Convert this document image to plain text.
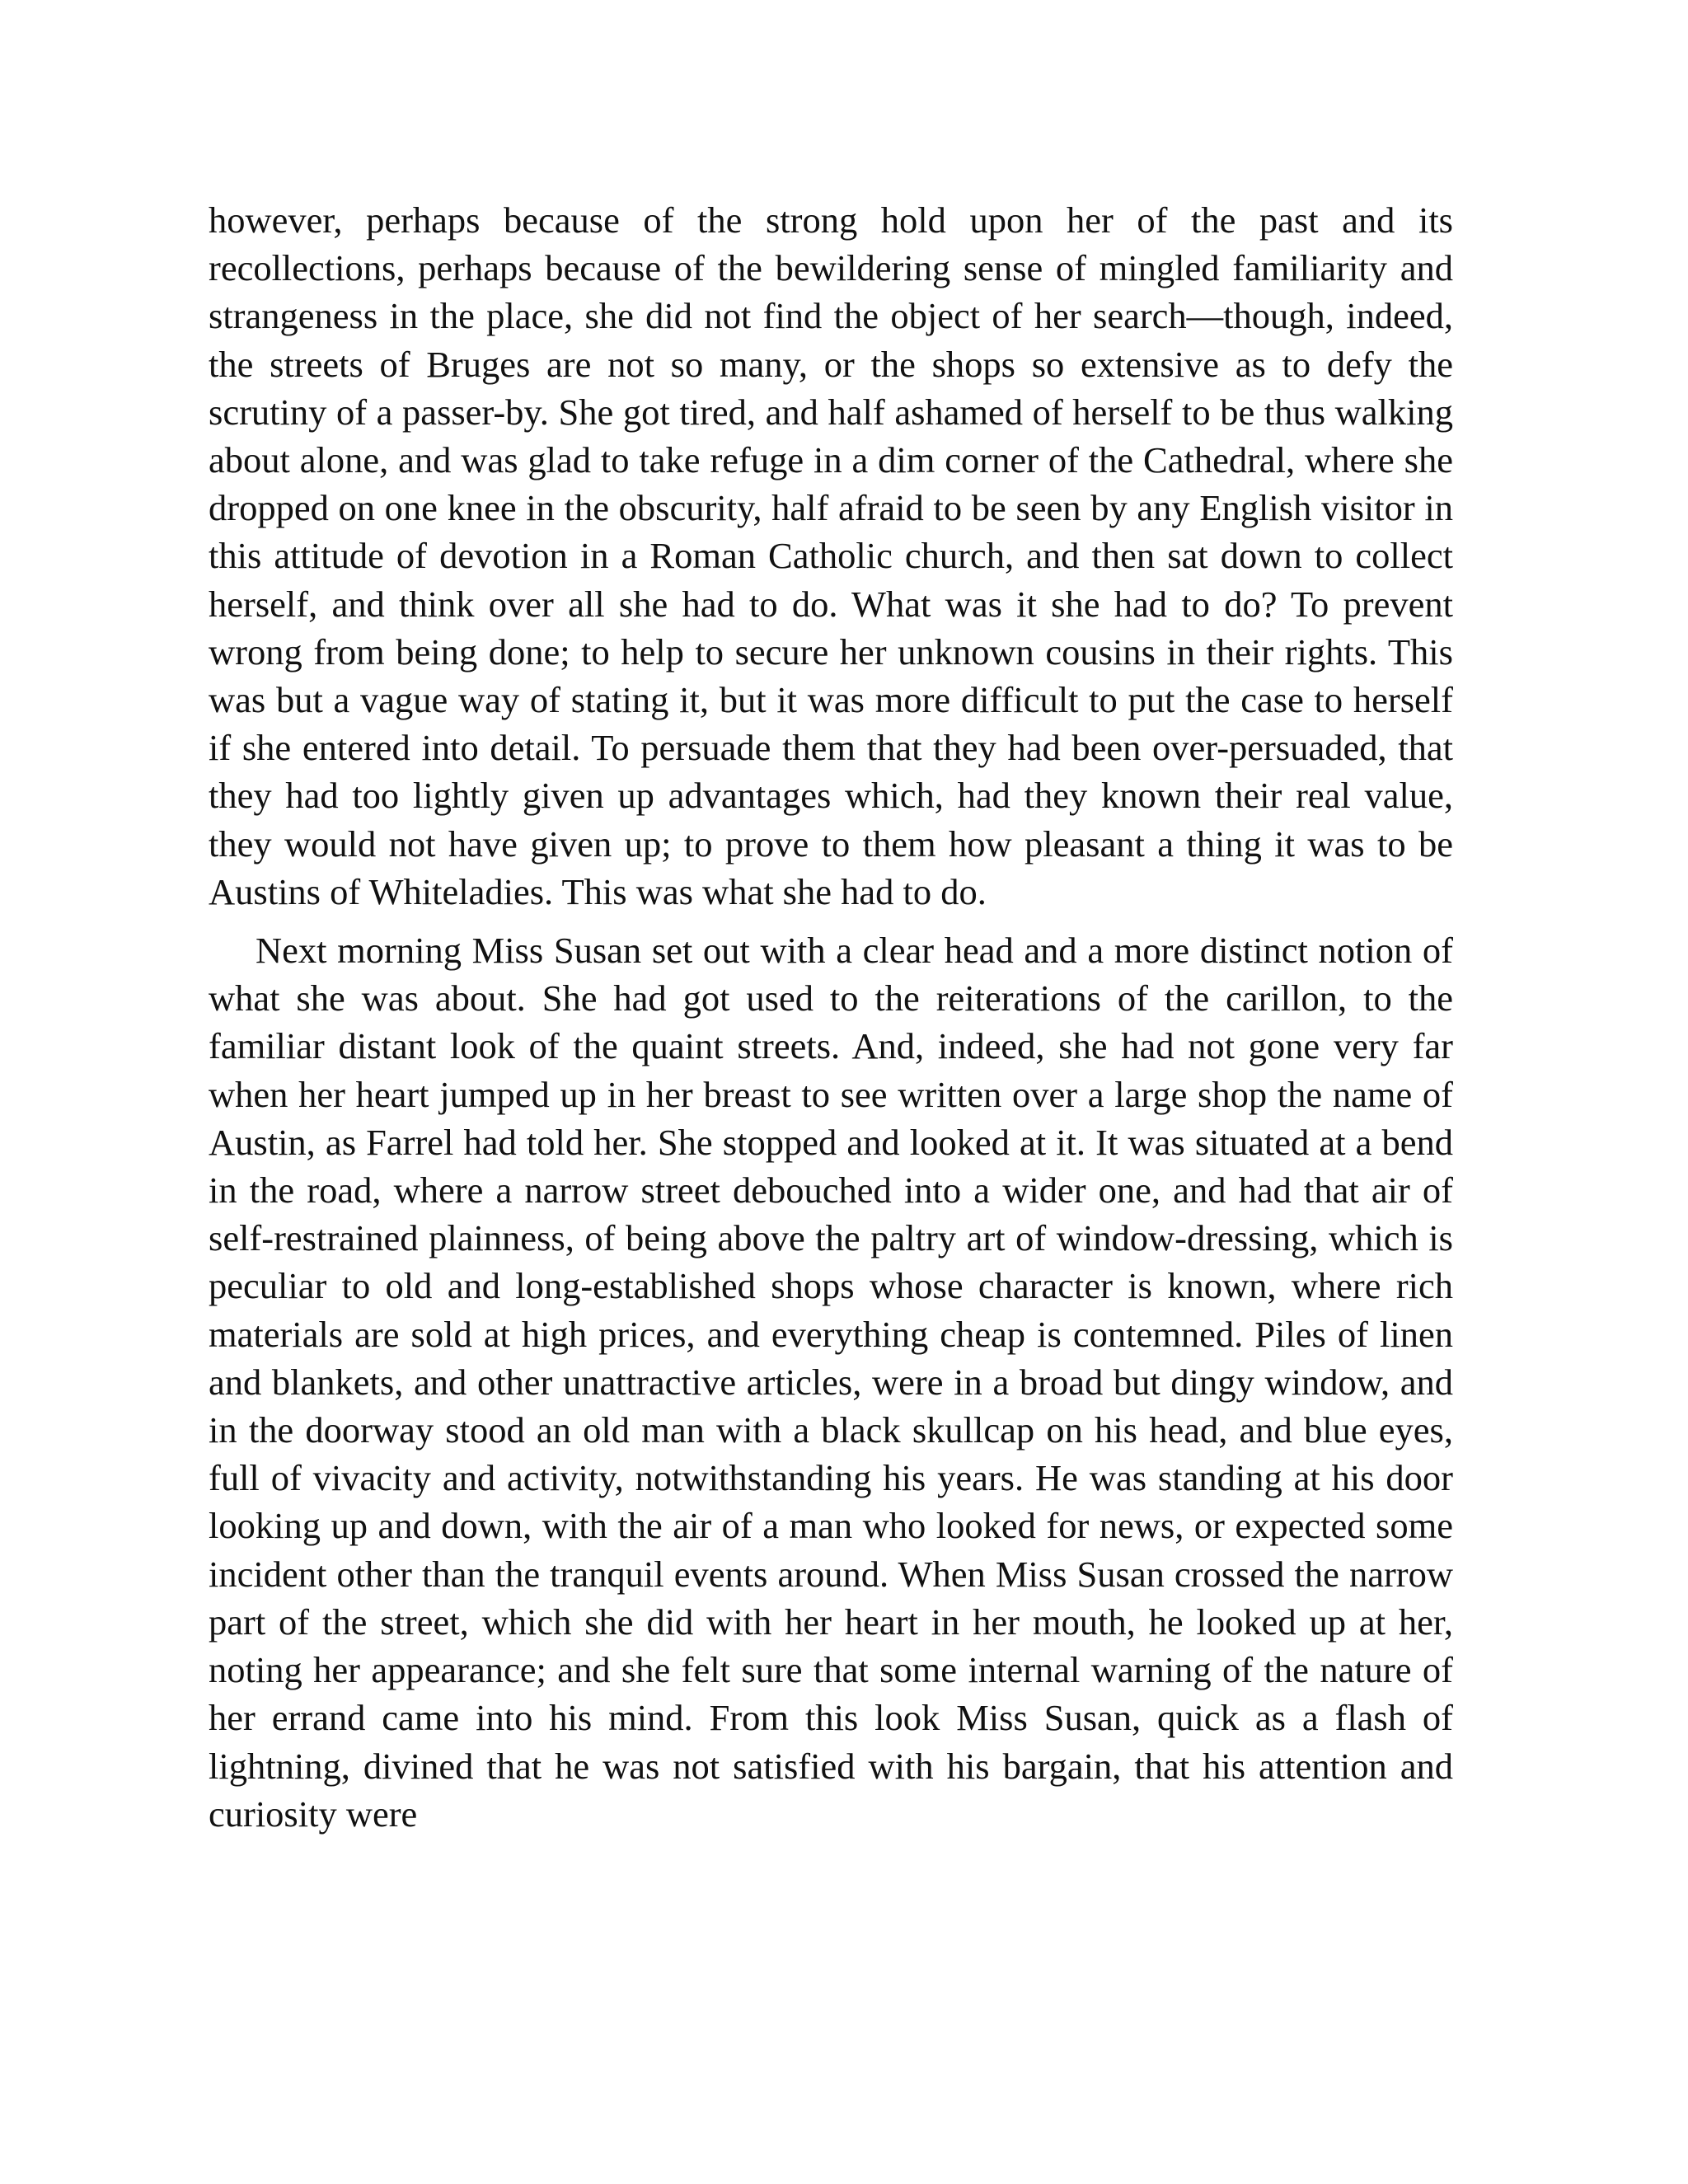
however, perhaps because of the strong hold upon her of the past and its recollections, perhaps because of the bewildering sense of mingled familiarity and strangeness in the place, she did not find the object of her search—though, indeed, the streets of Bruges are not so many, or the shops so extensive as to defy the scrutiny of a passer-by. She got tired, and half ashamed of herself to be thus walking about alone, and was glad to take refuge in a dim corner of the Cathedral, where she dropped on one knee in the obscurity, half afraid to be seen by any English visitor in this attitude of devotion in a Roman Catholic church, and then sat down to collect herself, and think over all she had to do. What was it she had to do? To prevent wrong from being done; to help to secure her unknown cousins in their rights. This was but a vague way of stating it, but it was more difficult to put the case to herself if she entered into detail. To persuade them that they had been over-persuaded, that they had too lightly given up advantages which, had they known their real value, they would not have given up; to prove to them how pleasant a thing it was to be Austins of Whiteladies. This was what she had to do.

Next morning Miss Susan set out with a clear head and a more distinct notion of what she was about. She had got used to the reiterations of the carillon, to the familiar distant look of the quaint streets. And, indeed, she had not gone very far when her heart jumped up in her breast to see written over a large shop the name of Austin, as Farrel had told her. She stopped and looked at it. It was situated at a bend in the road, where a narrow street debouched into a wider one, and had that air of self-restrained plainness, of being above the paltry art of window-dressing, which is peculiar to old and long-established shops whose character is known, where rich materials are sold at high prices, and everything cheap is contemned. Piles of linen and blankets, and other unattractive articles, were in a broad but dingy window, and in the doorway stood an old man with a black skullcap on his head, and blue eyes, full of vivacity and activity, notwithstanding his years. He was standing at his door looking up and down, with the air of a man who looked for news, or expected some incident other than the tranquil events around. When Miss Susan crossed the narrow part of the street, which she did with her heart in her mouth, he looked up at her, noting her appearance; and she felt sure that some internal warning of the nature of her errand came into his mind. From this look Miss Susan, quick as a flash of lightning, divined that he was not satisfied with his bargain, that his attention and curiosity were
